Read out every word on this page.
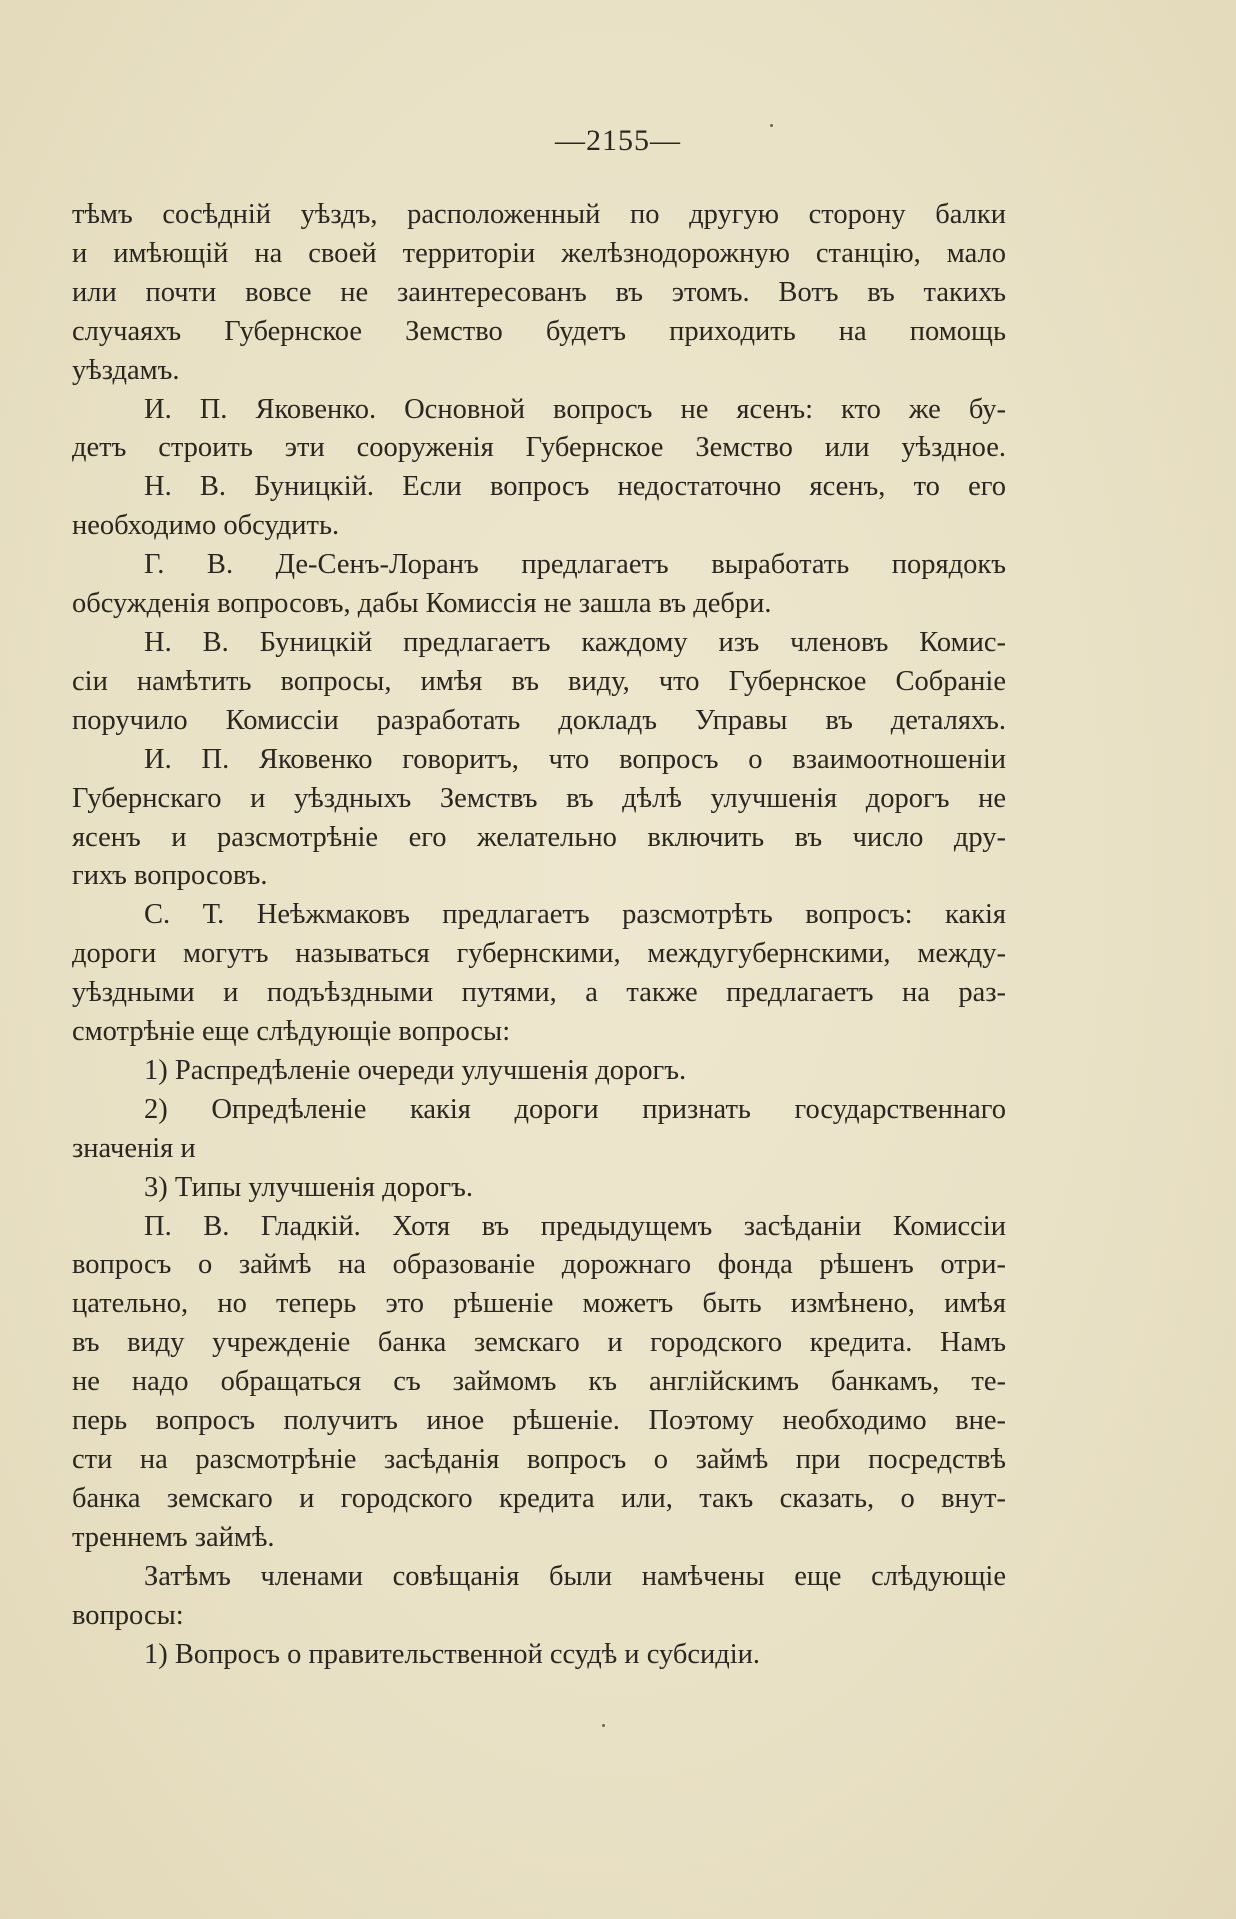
—2155—

тѣмъ сосѣдній уѣздъ, расположенный по другую сторону балки

и имѣющій на своей территоріи желѣзнодорожную станцію, мало

или почти вовсе не заинтересованъ въ этомъ. Вотъ въ такихъ

случаяхъ Губернское Земство будетъ приходить на помощь

уѣздамъ.

И. П. Яковенко. Основной вопросъ не ясенъ: кто же бу-

детъ строить эти сооруженія Губернское Земство или уѣздное.

Н. В. Буницкій. Если вопросъ недостаточно ясенъ, то его

необходимо обсудить.

Г. В. Де-Сенъ-Лоранъ предлагаетъ выработать порядокъ

обсужденія вопросовъ, дабы Комиссія не зашла въ дебри.

Н. В. Буницкій предлагаетъ каждому изъ членовъ Комис-

сіи намѣтить вопросы, имѣя въ виду, что Губернское Собраніе

поручило Комиссіи разработать докладъ Управы въ деталяхъ.

И. П. Яковенко говоритъ, что вопросъ о взаимоотношеніи

Губернскаго и уѣздныхъ Земствъ въ дѣлѣ улучшенія дорогъ не

ясенъ и разсмотрѣніе его желательно включить въ число дру-

гихъ вопросовъ.

С. Т. Неѣжмаковъ предлагаетъ разсмотрѣть вопросъ: какія

дороги могутъ называться губернскими, междугубернскими, между-

уѣздными и подъѣздными путями, а также предлагаетъ на раз-

смотрѣніе еще слѣдующіе вопросы:

1) Распредѣленіе очереди улучшенія дорогъ.

2) Опредѣленіе какія дороги признать государственнаго

значенія и

3) Типы улучшенія дорогъ.

П. В. Гладкій. Хотя въ предыдущемъ засѣданіи Комиссіи

вопросъ о займѣ на образованіе дорожнаго фонда рѣшенъ отри-

цательно, но теперь это рѣшеніе можетъ быть измѣнено, имѣя

въ виду учрежденіе банка земскаго и городского кредита. Намъ

не надо обращаться съ займомъ къ англійскимъ банкамъ, те-

перь вопросъ получитъ иное рѣшеніе. Поэтому необходимо вне-

сти на разсмотрѣніе засѣданія вопросъ о займѣ при посредствѣ

банка земскаго и городского кредита или, такъ сказать, о внут-

треннемъ займѣ.

Затѣмъ членами совѣщанія были намѣчены еще слѣдующіе

вопросы:

1) Вопросъ о правительственной ссудѣ и субсидіи.
